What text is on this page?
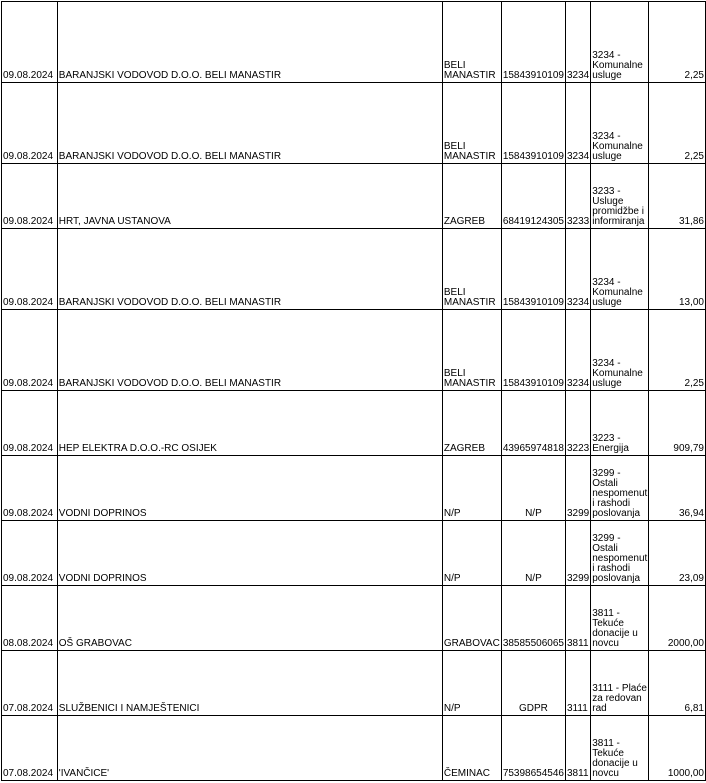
09.08.2024	BARANJSKI VODOVOD D.O.O. BELI MANASTIR	BELI MANASTIR	15843910109	3234	3234 - Komunalne usluge	2,25
09.08.2024	BARANJSKI VODOVOD D.O.O. BELI MANASTIR	BELI MANASTIR	15843910109	3234	3234 - Komunalne usluge	2,25
09.08.2024	HRT, JAVNA USTANOVA	ZAGREB	68419124305	3233	3233 - Usluge promidžbe i informiranja	31,86
09.08.2024	BARANJSKI VODOVOD D.O.O. BELI MANASTIR	BELI MANASTIR	15843910109	3234	3234 - Komunalne usluge	13,00
09.08.2024	BARANJSKI VODOVOD D.O.O. BELI MANASTIR	BELI MANASTIR	15843910109	3234	3234 - Komunalne usluge	2,25
09.08.2024	HEP ELEKTRA D.O.O.-RC OSIJEK	ZAGREB	43965974818	3223	3223 - Energija	909,79
09.08.2024	VODNI DOPRINOS	N/P	N/P	3299	3299 - Ostali nespomenut i rashodi poslovanja	36,94
09.08.2024	VODNI DOPRINOS	N/P	N/P	3299	3299 - Ostali nespomenut i rashodi poslovanja	23,09
08.08.2024	OŠ GRABOVAC	GRABOVAC	38585506065	3811	3811 - Tekuće donacije u novcu	2000,00
07.08.2024	SLUŽBENICI I NAMJEŠTENICI	N/P	GDPR	3111	3111 - Plaće za redovan rad	6,81
07.08.2024	'IVANČICE'	ČEMINAC	75398654546	3811	3811 - Tekuće donacije u novcu	1000,00
